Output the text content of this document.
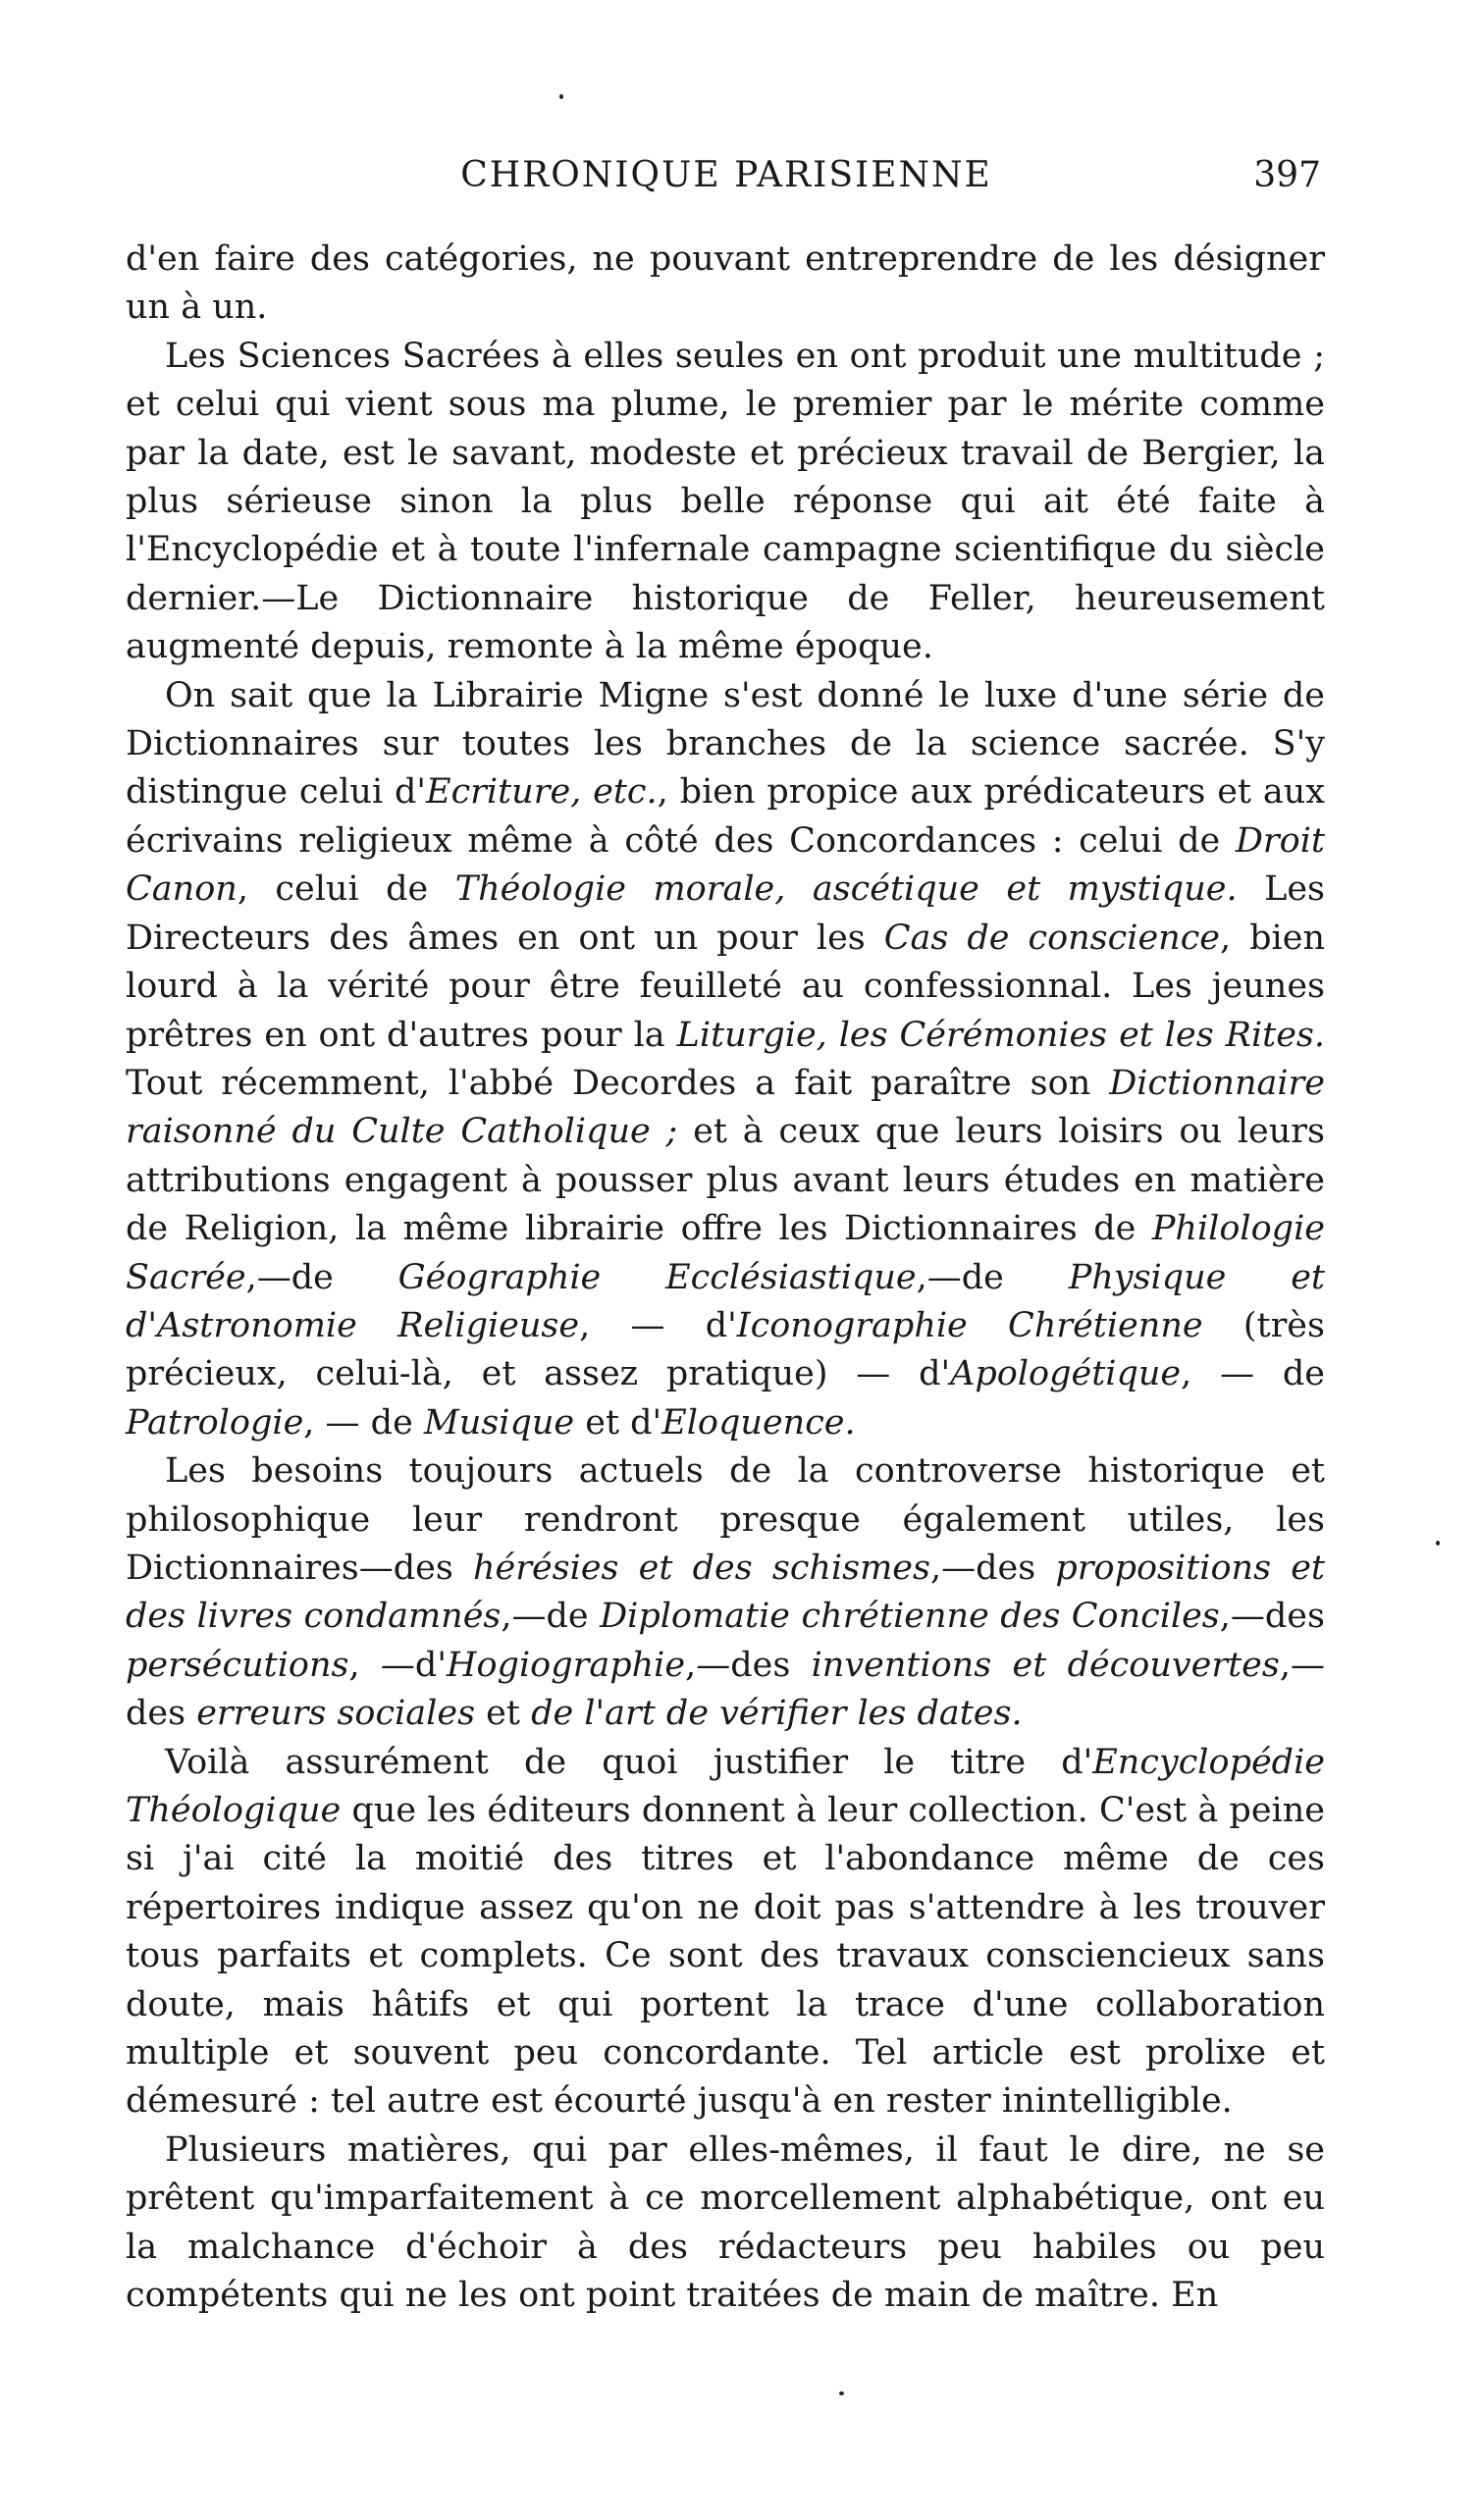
CHRONIQUE PARISIENNE	397

d'en faire des catégories, ne pouvant entreprendre de les désigner un à un.

Les Sciences Sacrées à elles seules en ont produit une multitude ; et celui qui vient sous ma plume, le premier par le mérite comme par la date, est le savant, modeste et précieux travail de Bergier, la plus sérieuse sinon la plus belle réponse qui ait été faite à l'Encyclopédie et à toute l'infernale campagne scientifique du siècle dernier.—Le Dictionnaire historique de Feller, heureusement augmenté depuis, remonte à la même époque.

On sait que la Librairie Migne s'est donné le luxe d'une série de Dictionnaires sur toutes les branches de la science sacrée. S'y distingue celui d'Ecriture, etc., bien propice aux prédicateurs et aux écrivains religieux même à côté des Concordances : celui de Droit Canon, celui de Théologie morale, ascétique et mystique. Les Directeurs des âmes en ont un pour les Cas de conscience, bien lourd à la vérité pour être feuilleté au confessionnal. Les jeunes prêtres en ont d'autres pour la Liturgie, les Cérémonies et les Rites. Tout récemment, l'abbé Decordes a fait paraître son Dictionnaire raisonné du Culte Catholique ; et à ceux que leurs loisirs ou leurs attributions engagent à pousser plus avant leurs études en matière de Religion, la même librairie offre les Dictionnaires de Philologie Sacrée,—de Géographie Ecclésiastique,—de Physique et d'Astronomie Religieuse, — d'Iconographie Chrétienne (très précieux, celui-là, et assez pratique) — d'Apologétique, — de Patrologie, — de Musique et d'Eloquence.

Les besoins toujours actuels de la controverse historique et philosophique leur rendront presque également utiles, les Dictionnaires—des hérésies et des schismes,—des propositions et des livres condamnés,—de Diplomatie chrétienne des Conciles,—des persécutions, —d'Hogiographie,—des inventions et découvertes,—des erreurs sociales et de l'art de vérifier les dates.

Voilà assurément de quoi justifier le titre d'Encyclopédie Théologique que les éditeurs donnent à leur collection. C'est à peine si j'ai cité la moitié des titres et l'abondance même de ces répertoires indique assez qu'on ne doit pas s'attendre à les trouver tous parfaits et complets. Ce sont des travaux consciencieux sans doute, mais hâtifs et qui portent la trace d'une collaboration multiple et souvent peu concordante. Tel article est prolixe et démesuré : tel autre est écourté jusqu'à en rester inintelligible.

Plusieurs matières, qui par elles-mêmes, il faut le dire, ne se prêtent qu'imparfaitement à ce morcellement alphabétique, ont eu la malchance d'échoir à des rédacteurs peu habiles ou peu compétents qui ne les ont point traitées de main de maître. En
